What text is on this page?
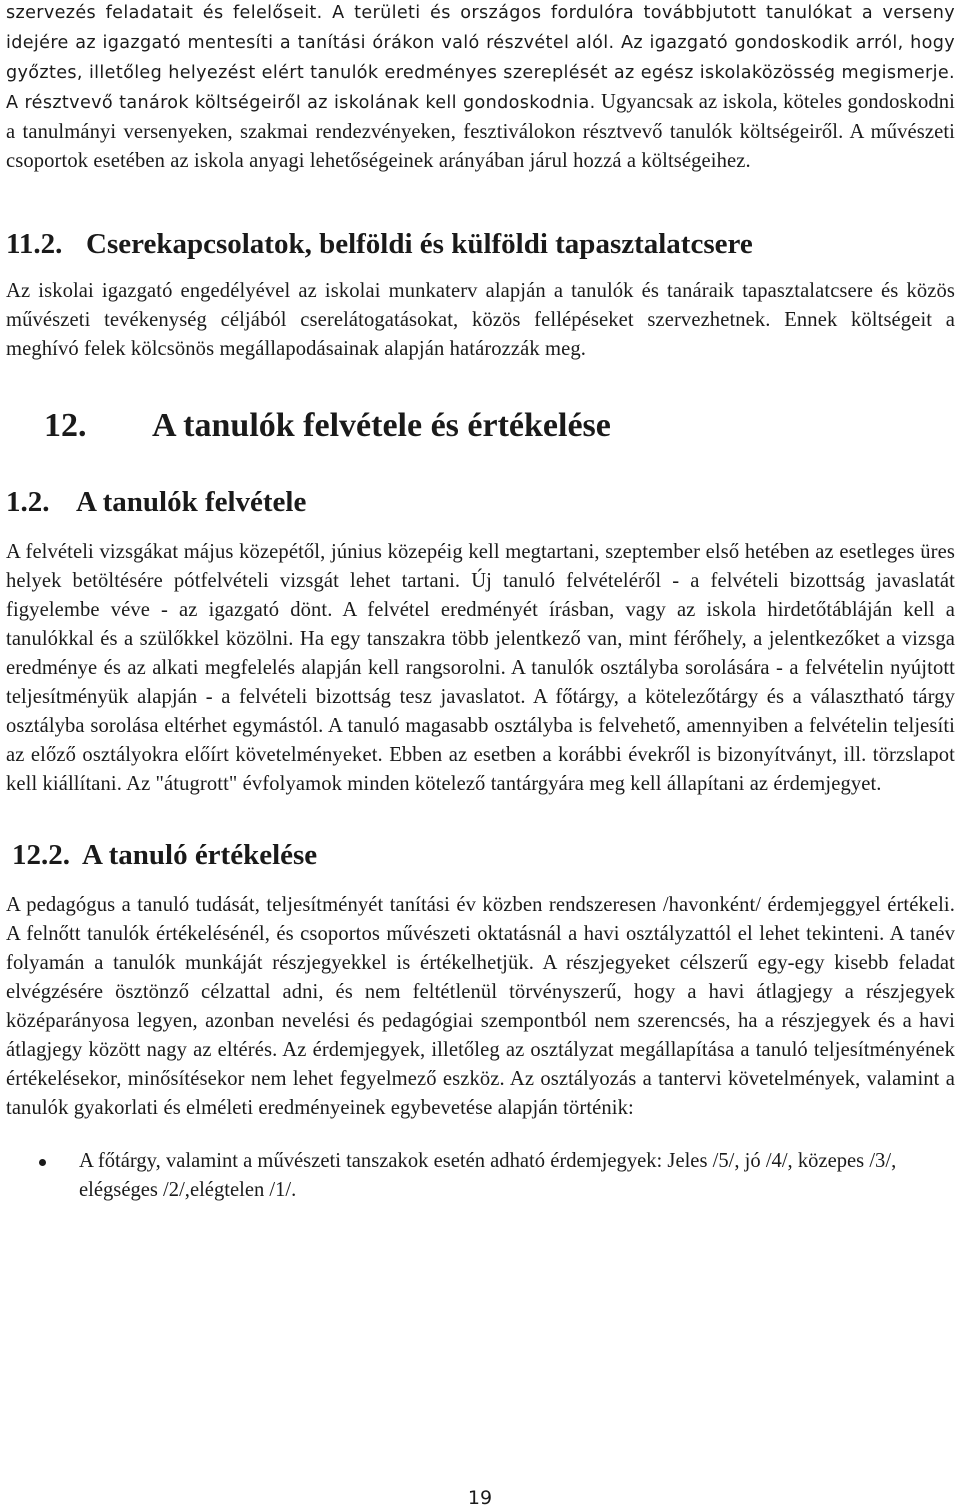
szervezés feladatait és felelőseit. A területi és országos fordulóra továbbjutott tanulókat a verseny idejére az igazgató mentesíti a tanítási órákon való részvétel alól. Az igazgató gondoskodik arról, hogy győztes, illetőleg helyezést elért tanulók eredményes szereplését az egész iskolaközösség megismerje. A résztvevő tanárok költségeiről az iskolának kell gondoskodnia. Ugyancsak az iskola, köteles gondoskodni a tanulmányi versenyeken, szakmai rendezvényeken, fesztiválokon résztvevő tanulók költségeiről. A művészeti csoportok esetében az iskola anyagi lehetőségeinek arányában járul hozzá a költségeihez.

11.2. Cserekapcsolatok, belföldi és külföldi tapasztalatcsere

Az iskolai igazgató engedélyével az iskolai munkaterv alapján a tanulók és tanáraik tapasztalatcsere és közös művészeti tevékenység céljából cserelátogatásokat, közös fellépéseket szervezhetnek. Ennek költségeit a meghívó felek kölcsönös megállapodásainak alapján határozzák meg.

12. A tanulók felvétele és értékelése
1.2. A tanulók felvétele

A felvételi vizsgákat május közepétől, június közepéig kell megtartani, szeptember első hetében az esetleges üres helyek betöltésére pótfelvételi vizsgát lehet tartani. Új tanuló felvételéről - a felvételi bizottság javaslatát figyelembe véve - az igazgató dönt. A felvétel eredményét írásban, vagy az iskola hirdetőtábláján kell a tanulókkal és a szülőkkel közölni. Ha egy tanszakra több jelentkező van, mint férőhely, a jelentkezőket a vizsga eredménye és az alkati megfelelés alapján kell rangsorolni. A tanulók osztályba sorolására - a felvételin nyújtott teljesítményük alapján - a felvételi bizottság tesz javaslatot. A főtárgy, a kötelezőtárgy és a választható tárgy osztályba sorolása eltérhet egymástól. A tanuló magasabb osztályba is felvehető, amennyiben a felvételin teljesíti az előző osztályokra előírt követelményeket. Ebben az esetben a korábbi évekről is bizonyítványt, ill. törzslapot kell kiállítani. Az "átugrott" évfolyamok minden kötelező tantárgyára meg kell állapítani az érdemjegyet.

12.2. A tanuló értékelése

A pedagógus a tanuló tudását, teljesítményét tanítási év közben rendszeresen /havonként/ érdemjeggyel értékeli. A felnőtt tanulók értékelésénél, és csoportos művészeti oktatásnál a havi osztályzattól el lehet tekinteni. A tanév folyamán a tanulók munkáját részjegyekkel is értékelhetjük. A részjegyeket célszerű egy-egy kisebb feladat elvégzésére ösztönző célzattal adni, és nem feltétlenül törvényszerű, hogy a havi átlagjegy a részjegyek középarányosa legyen, azonban nevelési és pedagógiai szempontból nem szerencsés, ha a részjegyek és a havi átlagjegy között nagy az eltérés. Az érdemjegyek, illetőleg az osztályzat megállapítása a tanuló teljesítményének értékelésekor, minősítésekor nem lehet fegyelmező eszköz. Az osztályozás a tantervi követelmények, valamint a tanulók gyakorlati és elméleti eredményeinek egybevetése alapján történik:

A főtárgy, valamint a művészeti tanszakok esetén adható érdemjegyek: Jeles /5/, jó /4/, közepes /3/, elégséges /2/,elégtelen /1/.
19
